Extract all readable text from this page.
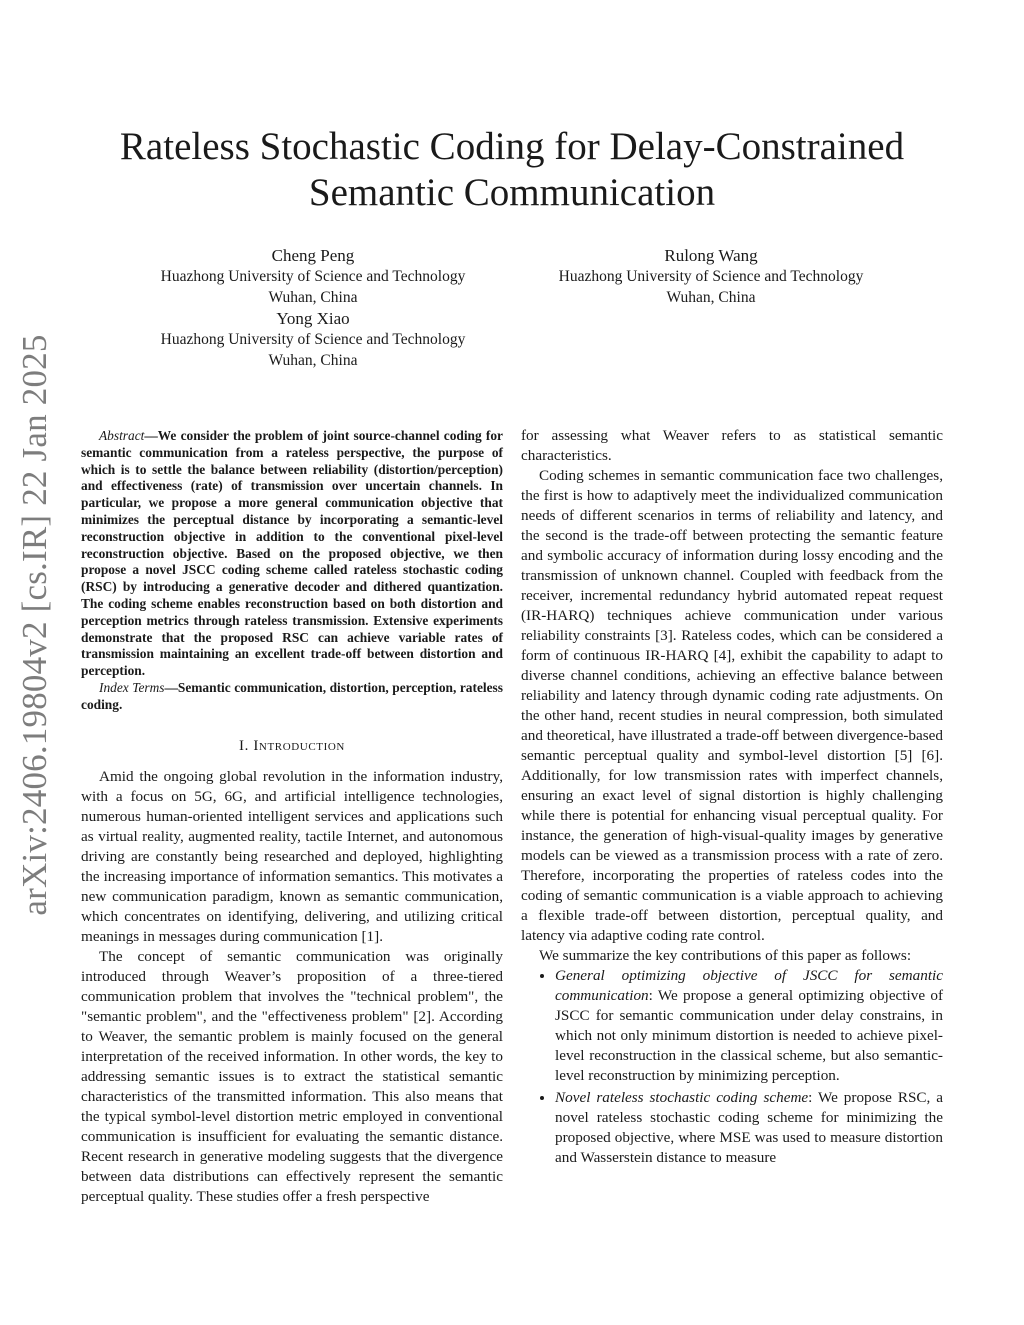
arXiv:2406.19804v2 [cs.IR] 22 Jan 2025
Rateless Stochastic Coding for Delay-Constrained Semantic Communication
Cheng Peng
Huazhong University of Science and Technology
Wuhan, China
Yong Xiao
Huazhong University of Science and Technology
Wuhan, China
Rulong Wang
Huazhong University of Science and Technology
Wuhan, China

Abstract—We consider the problem of joint source-channel coding for semantic communication from a rateless perspective, the purpose of which is to settle the balance between reliability (distortion/perception) and effectiveness (rate) of transmission over uncertain channels. In particular, we propose a more general communication objective that minimizes the perceptual distance by incorporating a semantic-level reconstruction objective in addition to the conventional pixel-level reconstruction objective. Based on the proposed objective, we then propose a novel JSCC coding scheme called rateless stochastic coding (RSC) by introducing a generative decoder and dithered quantization. The coding scheme enables reconstruction based on both distortion and perception metrics through rateless transmission. Extensive experiments demonstrate that the proposed RSC can achieve variable rates of transmission maintaining an excellent trade-off between distortion and perception.

Index Terms—Semantic communication, distortion, perception, rateless coding.

I. Introduction

Amid the ongoing global revolution in the information industry, with a focus on 5G, 6G, and artificial intelligence technologies, numerous human-oriented intelligent services and applications such as virtual reality, augmented reality, tactile Internet, and autonomous driving are constantly being researched and deployed, highlighting the increasing importance of information semantics. This motivates a new communication paradigm, known as semantic communication, which concentrates on identifying, delivering, and utilizing critical meanings in messages during communication [1].

The concept of semantic communication was originally introduced through Weaver’s proposition of a three-tiered communication problem that involves the "technical problem", the "semantic problem", and the "effectiveness problem" [2]. According to Weaver, the semantic problem is mainly focused on the general interpretation of the received information. In other words, the key to addressing semantic issues is to extract the statistical semantic characteristics of the transmitted information. This also means that the typical symbol-level distortion metric employed in conventional communication is insufficient for evaluating the semantic distance. Recent research in generative modeling suggests that the divergence between data distributions can effectively represent the semantic perceptual quality. These studies offer a fresh perspective

for assessing what Weaver refers to as statistical semantic characteristics.

Coding schemes in semantic communication face two challenges, the first is how to adaptively meet the individualized communication needs of different scenarios in terms of reliability and latency, and the second is the trade-off between protecting the semantic feature and symbolic accuracy of information during lossy encoding and the transmission of unknown channel. Coupled with feedback from the receiver, incremental redundancy hybrid automated repeat request (IR-HARQ) techniques achieve communication under various reliability constraints [3]. Rateless codes, which can be considered a form of continuous IR-HARQ [4], exhibit the capability to adapt to diverse channel conditions, achieving an effective balance between reliability and latency through dynamic coding rate adjustments. On the other hand, recent studies in neural compression, both simulated and theoretical, have illustrated a trade-off between divergence-based semantic perceptual quality and symbol-level distortion [5] [6]. Additionally, for low transmission rates with imperfect channels, ensuring an exact level of signal distortion is highly challenging while there is potential for enhancing visual perceptual quality. For instance, the generation of high-visual-quality images by generative models can be viewed as a transmission process with a rate of zero. Therefore, incorporating the properties of rateless codes into the coding of semantic communication is a viable approach to achieving a flexible trade-off between distortion, perceptual quality, and latency via adaptive coding rate control.

We summarize the key contributions of this paper as follows:

• General optimizing objective of JSCC for semantic communication: We propose a general optimizing objective of JSCC for semantic communication under delay constrains, in which not only minimum distortion is needed to achieve pixel-level reconstruction in the classical scheme, but also semantic-level reconstruction by minimizing perception.
• Novel rateless stochastic coding scheme: We propose RSC, a novel rateless stochastic coding scheme for minimizing the proposed objective, where MSE was used to measure distortion and Wasserstein distance to measure
